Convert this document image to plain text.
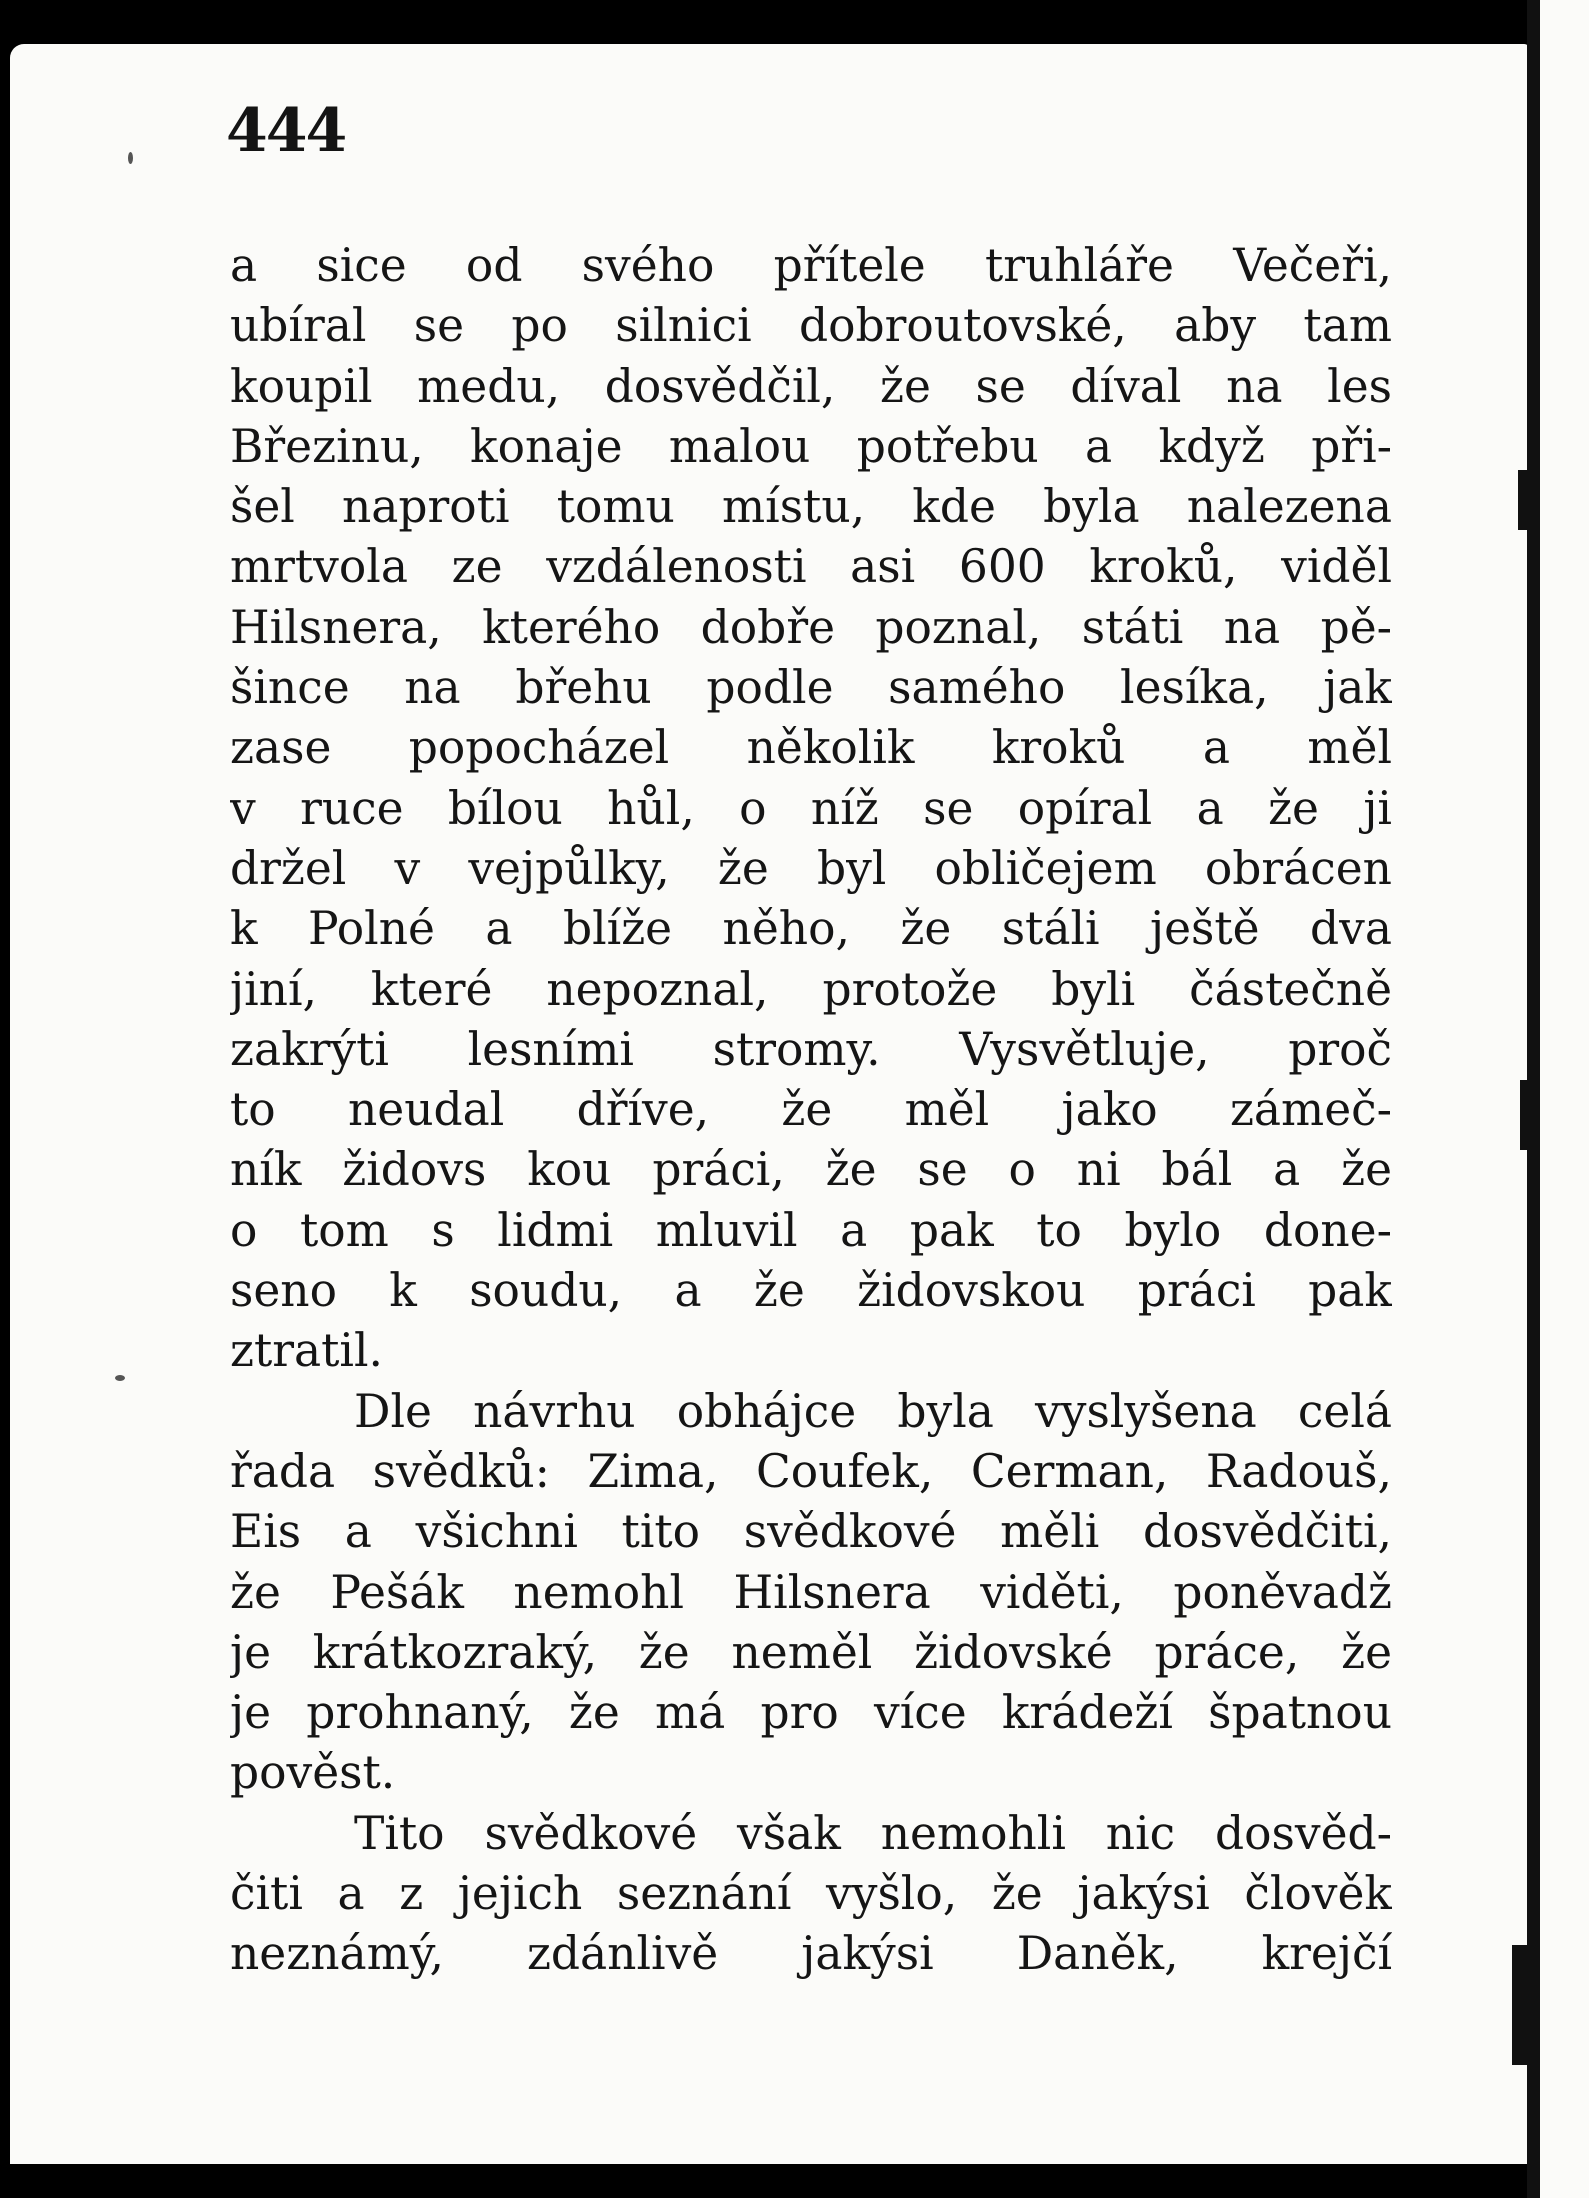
444
a sice od svého přítele truhláře Večeři,
ubíral se po silnici dobroutovské, aby tam
koupil medu, dosvědčil, že se díval na les
Březinu, konaje malou potřebu a když při-
šel naproti tomu místu, kde byla nalezena
mrtvola ze vzdálenosti asi 600 kroků, viděl
Hilsnera, kterého dobře poznal, státi na pě-
šince na břehu podle samého lesíka, jak
zase popocházel několik kroků a měl
v ruce bílou hůl, o níž se opíral a že ji
držel v vejpůlky, že byl obličejem obrácen
k Polné a blíže něho, že stáli ještě dva
jiní, které nepoznal, protože byli částečně
zakrýti lesními stromy. Vysvětluje, proč
to neudal dříve, že měl jako zámeč-
ník židovs kou práci, že se o ni bál a že
o tom s lidmi mluvil a pak to bylo done-
seno k soudu, a že židovskou práci pak
ztratil.
Dle návrhu obhájce byla vyslyšena celá
řada svědků: Zima, Coufek, Cerman, Radouš,
Eis a všichni tito svědkové měli dosvědčiti,
že Pešák nemohl Hilsnera viděti, poněvadž
je krátkozraký, že neměl židovské práce, že
je prohnaný, že má pro více krádeží špatnou
pověst.
Tito svědkové však nemohli nic dosvěd-
čiti a z jejich seznání vyšlo, že jakýsi člověk
neznámý, zdánlivě jakýsi Daněk, krejčí
